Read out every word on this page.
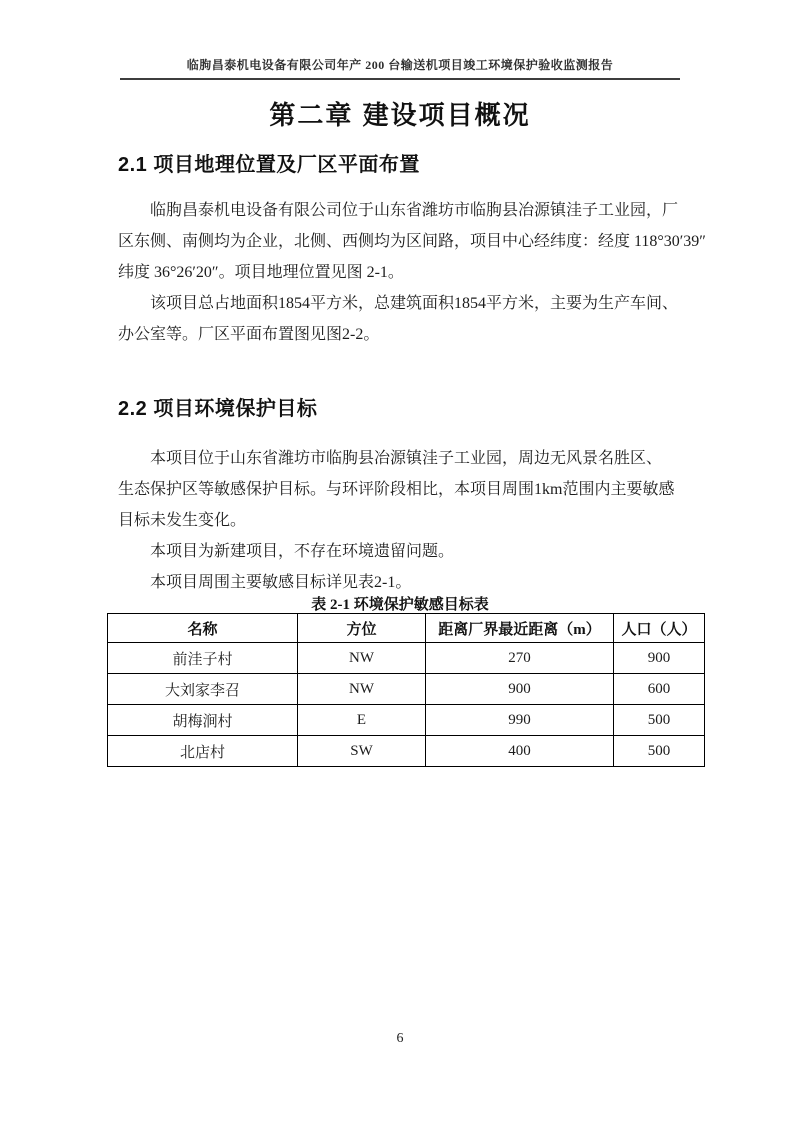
临朐昌泰机电设备有限公司年产 200 台输送机项目竣工环境保护验收监测报告
第二章 建设项目概况
2.1 项目地理位置及厂区平面布置
临朐昌泰机电设备有限公司位于山东省潍坊市临朐县冶源镇洼子工业园，厂
区东侧、南侧均为企业，北侧、西侧均为区间路，项目中心经纬度：经度 118°30′39″
纬度 36°26′20″。项目地理位置见图 2-1。
该项目总占地面积1854平方米，总建筑面积1854平方米，主要为生产车间、
办公室等。厂区平面布置图见图2-2。
2.2 项目环境保护目标
本项目位于山东省潍坊市临朐县冶源镇洼子工业园，周边无风景名胜区、
生态保护区等敏感保护目标。与环评阶段相比，本项目周围1km范围内主要敏感
目标未发生变化。
本项目为新建项目，不存在环境遗留问题。
本项目周围主要敏感目标详见表2-1。
表 2-1 环境保护敏感目标表
名称	方位	距离厂界最近距离（m）	人口（人）
前洼子村	NW	270	900
大刘家李召	NW	900	600
胡梅涧村	E	990	500
北店村	SW	400	500
6
